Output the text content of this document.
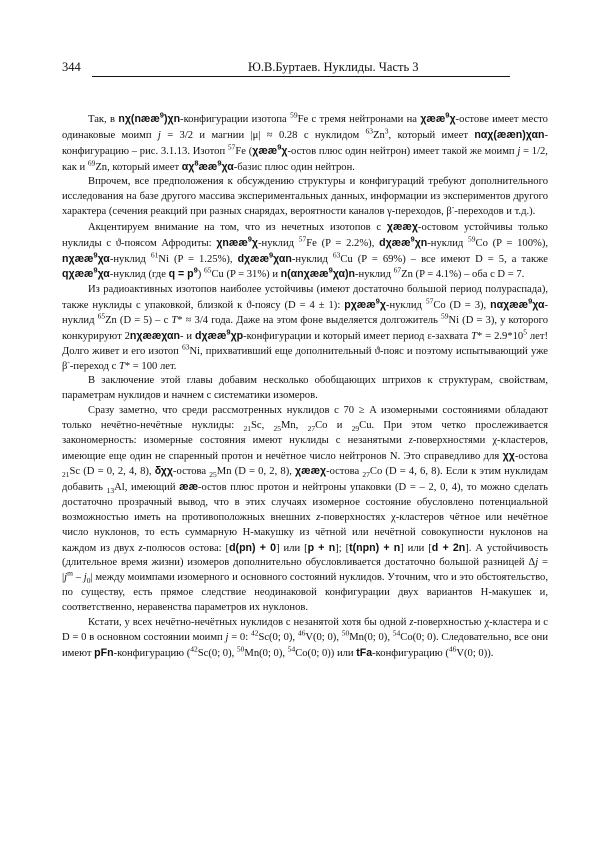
344	Ю.В.Буртаев. Нуклиды. Часть 3

Так, в nχ(nææ$^9$)χn-конфигурации изотопа $^{59}$Fe с тремя нейтронами на χææ$^9$χ-остове имеет место одинаковые моимп j = 3/2 и магнии |μ| ≈ 0.28 с нуклидом $^{63}$Zn$^3$, который имеет nαχ(ææn)χαn-конфигурацию – рис. 3.1.13. Изотоп $^{57}$Fe (χææ$^9$χ-остов плюс один нейтрон) имеет такой же моимп j = 1/2, как и $^{69}$Zn, который имеет $\alpha\chi^8ææ^9\chi\alpha$-базис плюс один нейтрон.

Впрочем, все предположения к обсуждению структуры и конфигураций требуют дополнительного исследования на базе другого массива экспериментальных данных, информации из экспериментов другого характера (сечения реакций при разных снарядах, вероятности каналов γ-переходов, β--переходов и т.д.).

Акцентируем внимание на том, что из нечетных изотопов с χææχ-остовом устойчивы только нуклиды с ϑ-поясом Афродиты: χnææ$^9$χ-нуклид $^{57}$Fe (P = 2.2%), dχææ$^9$χn-нуклид $^{59}$Co (P = 100%), nχææ$^9$χα-нуклид $^{61}$Ni (P = 1.25%), dχææ$^9$χαn-нуклид $^{63}$Cu (P = 69%) – все имеют D = 5, а также qχææ$^9$χα-нуклид (где $q = p^9$) $^{65}$Cu (P = 31%) и n(αnχææ$^9$χα)n-нуклид $^{67}$Zn (P = 4.1%) – оба с D = 7.

Из радиоактивных изотопов наиболее устойчивы (имеют достаточно большой период полураспада), также нуклиды с упаковкой, близкой к ϑ-поясу (D = 4 ± 1): pχææ$^9$χ-нуклид $^{57}$Co (D = 3), nαχææ$^9$χα-нуклид $^{65}$Zn (D = 5) – с T* ≈ 3/4 года. Даже на этом фоне выделяется долгожитель $^{59}$Ni (D = 3), у которого конкурируют 2nχææχαn- и dχææ$^9$χp-конфигурации и который имеет период ε-захвата $T* = 2.9*10^5$ лет! Долго живет и его изотоп $^{63}$Ni, прихвативший еще дополнительный ϑ-пояс и поэтому испытывающий уже β--переход с T* = 100 лет.

В заключение этой главы добавим несколько обобщающих штрихов к структурам, свойствам, параметрам нуклидов и начнем с систематики изомеров.

Сразу заметно, что среди рассмотренных нуклидов с 70 ≥ A изомерными состояниями обладают только нечётно-нечётные нуклиды: $_{21}$Sc, $_{25}$Mn, $_{27}$Co и $_{29}$Cu. При этом четко прослеживается закономерность: изомерные состояния имеют нуклиды с незанятыми z-поверхностями χ-кластеров, имеющие еще один не спаренный протон и нечётное число нейтронов N. Это справедливо для χχ-остова $_{21}$Sc (D = 0, 2, 4, 8), δχχ-остова $_{25}$Mn (D = 0, 2, 8), χææχ-остова $_{27}$Co (D = 4, 6, 8). Если к этим нуклидам добавить $_{13}$Al, имеющий ææ-остов плюс протон и нейтроны упаковки (D = – 2, 0, 4), то можно сделать достаточно прозрачный вывод, что в этих случаях изомерное состояние обусловлено потенциальной возможностью иметь на противоположных внешних z-поверхностях χ-кластеров чётное или нечётное число нуклонов, то есть суммарную H-макушку из чётной или нечётной совокупности нуклонов на каждом из двух z-полюсов остова: [d(pn) + 0] или [p + n]; [t(npn) + n] или [d + 2n]. А устойчивость (длительное время жизни) изомеров дополнительно обусловливается достаточно большой разницей $\Delta j = |j^m - j_0|$ между моимпами изомерного и основного состояний нуклидов. Уточним, что и это обстоятельство, по существу, есть прямое следствие неодинаковой конфигурации двух вариантов H-макушек и, соответственно, неравенства параметров их нуклонов.

Кстати, у всех нечётно-нечётных нуклидов с незанятой хотя бы одной z-поверхностью χ-кластера и с D = 0 в основном состоянии моимп j = 0: $^{42}$Sc(0; 0), $^{46}$V(0; 0), $^{50}$Mn(0; 0), $^{54}$Co(0; 0). Следовательно, все они имеют pFn-конфигурацию ($^{42}$Sc(0; 0), $^{50}$Mn(0; 0), $^{54}$Co(0; 0)) или tFa-конфигурацию ($^{46}$V(0; 0)).
